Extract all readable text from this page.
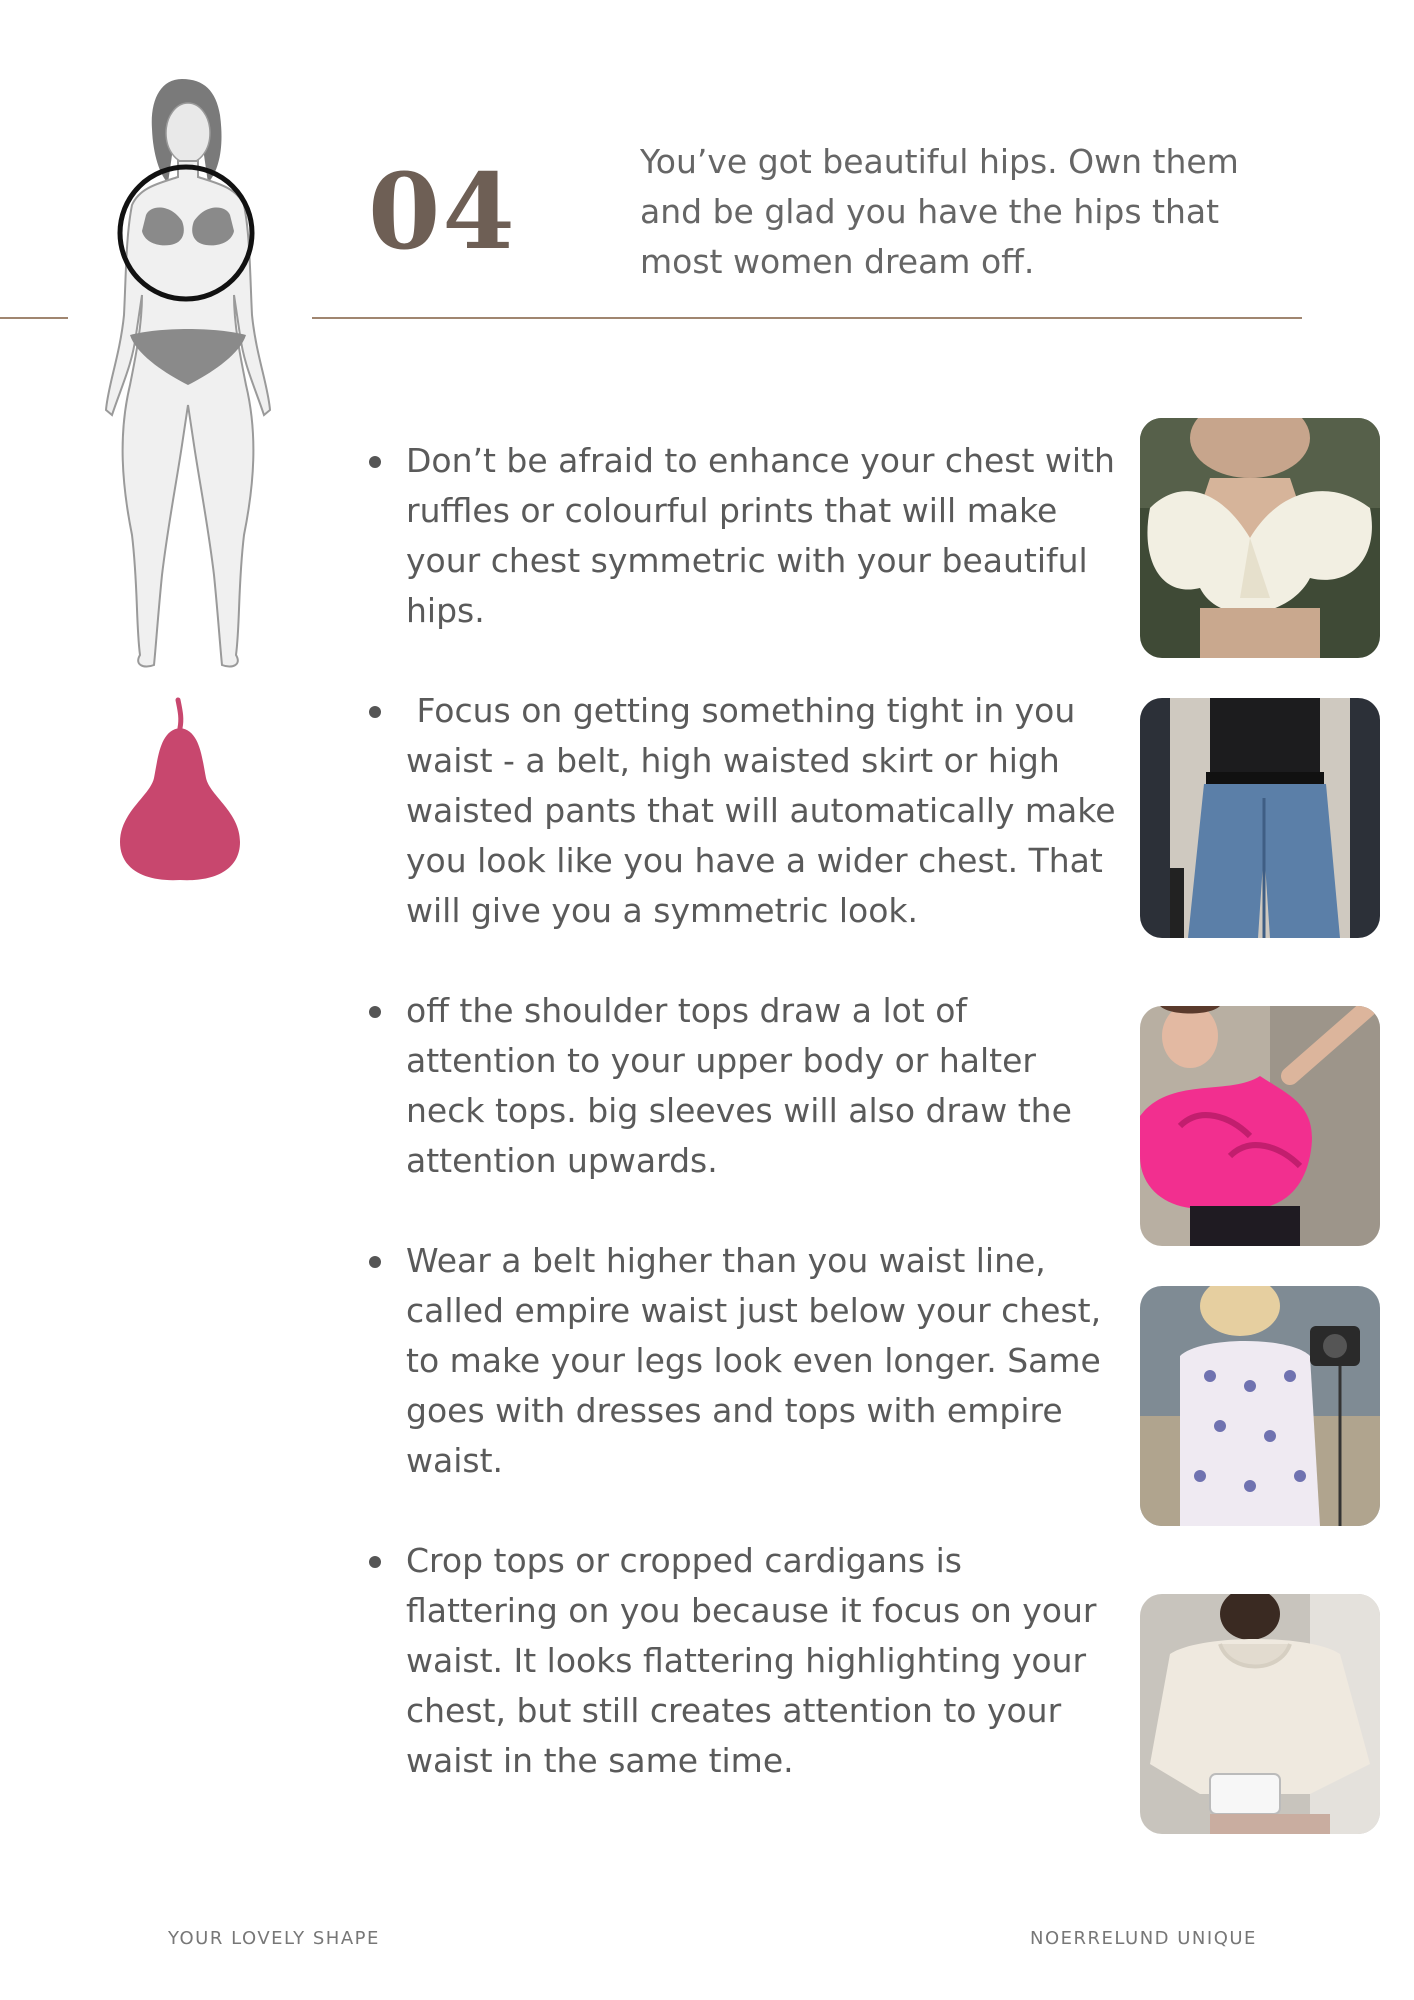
04	You’ve got beautiful hips. Own them and be glad you have the hips that most women dream off.
Don’t be afraid to enhance your chest with ruffles or colourful prints that will make your chest symmetric with your beautiful hips.
Focus on getting something tight in you waist - a belt, high waisted skirt or high waisted pants that will automatically make you look like you have a wider chest. That will give you a symmetric look.
off the shoulder tops draw a lot of attention to your upper body or halter neck tops. big sleeves will also draw the attention upwards.
Wear a belt higher than you waist line, called empire waist just below your chest, to make your legs look even longer. Same goes with dresses and tops with empire waist.
Crop tops or cropped cardigans is flattering on you because it focus on your waist. It looks flattering highlighting your chest, but still creates attention to your waist in the same time.
YOUR LOVELY SHAPE	NOERRELUND UNIQUE
